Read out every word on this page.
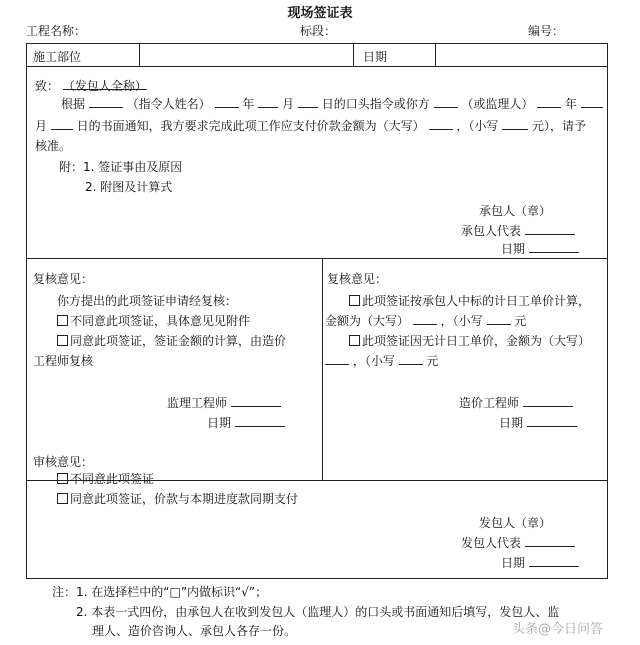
现场签证表
工程名称：	标段：	编号：
施工部位	日期
致： （发包人全称）
根据	（指令人姓名）	年 月 日的口头指令或你方	（或监理人）	年
月 日的书面通知，我方要求完成此项工作应支付价款金额为（大写）	，（小写	元），请予
核准。
附：1. 签证事由及原因
2. 附图及计算式
承包人（章）
承包人代表
日期
复核意见：
你方提出的此项签证申请经复核：
不同意此项签证，具体意见见附件
同意此项签证，签证金额的计算，由造价
工程师复核
监理工程师
日期
复核意见：
此项签证按承包人中标的计日工单价计算，
金额为（大写）	，（小写	元
此项签证因无计日工单价，金额为（大写）
，（小写	元
造价工程师
日期
审核意见：
不同意此项签证
同意此项签证，价款与本期进度款同期支付
发包人（章）
发包人代表
日期
注：1. 在选择栏中的“□”内做标识“√”；
2. 本表一式四份，由承包人在收到发包人（监理人）的口头或书面通知后填写，发包人、监
理人、造价咨询人、承包人各存一份。	头条@今日问答
